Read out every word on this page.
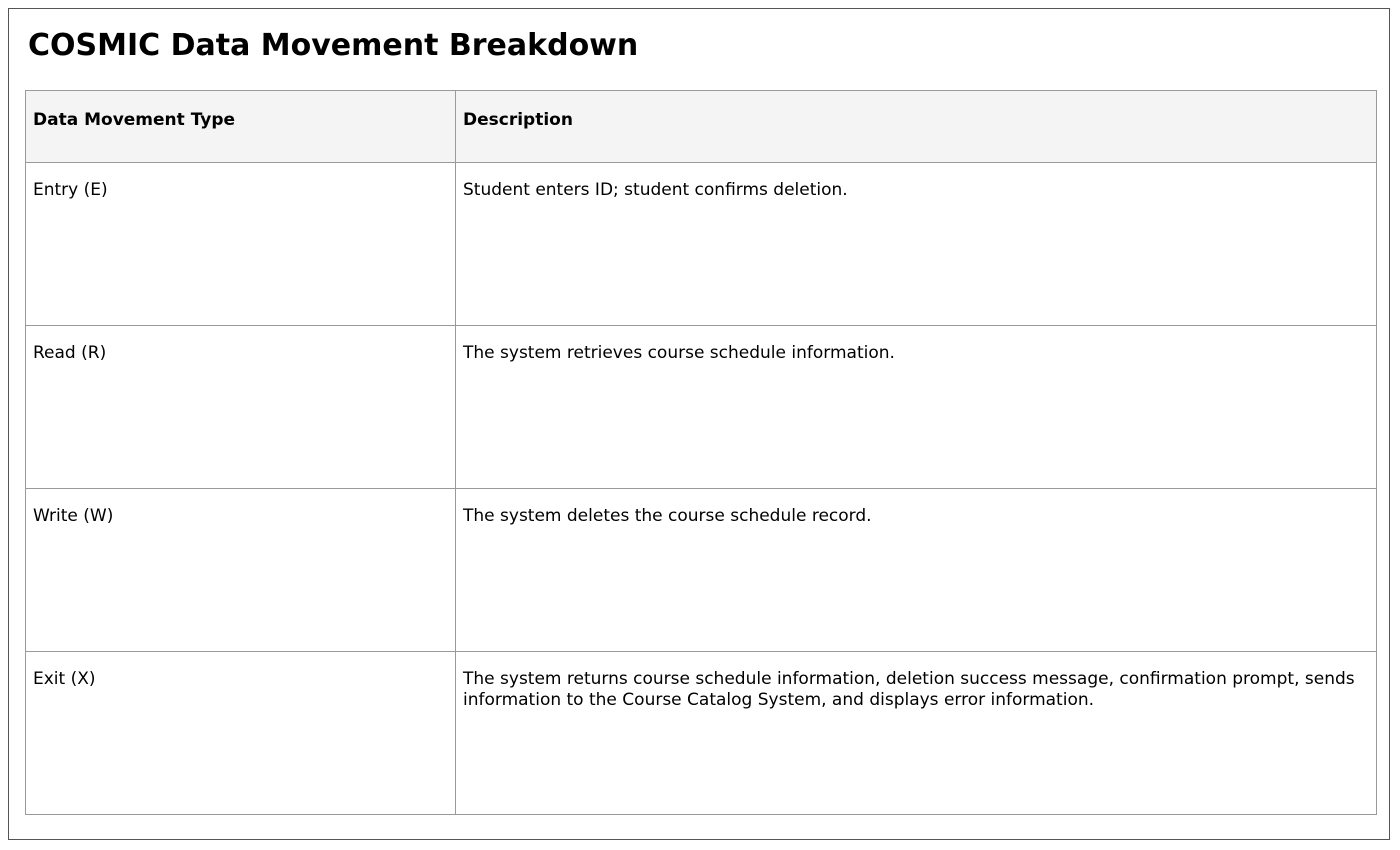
COSMIC Data Movement Breakdown
Data Movement Type	Description
Entry (E)	Student enters ID; student confirms deletion.
Read (R)	The system retrieves course schedule information.
Write (W)	The system deletes the course schedule record.
Exit (X)	The system returns course schedule information, deletion success message, confirmation prompt, sends information to the Course Catalog System, and displays error information.
